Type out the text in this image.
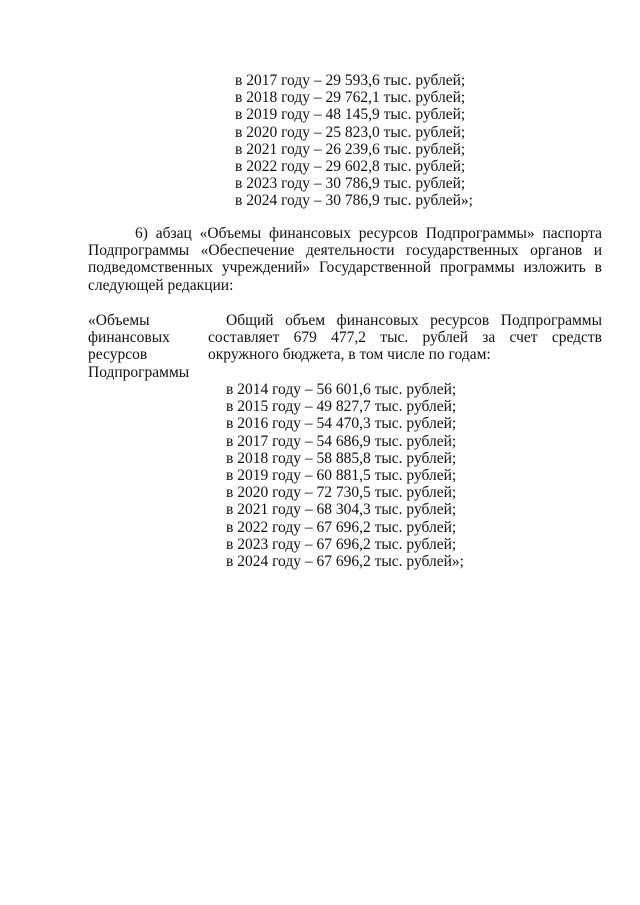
в 2017 году – 29 593,6 тыс. рублей;
в 2018 году – 29 762,1 тыс. рублей;
в 2019 году – 48 145,9 тыс. рублей;
в 2020 году – 25 823,0 тыс. рублей;
в 2021 году – 26 239,6 тыс. рублей;
в 2022 году – 29 602,8 тыс. рублей;
в 2023 году – 30 786,9 тыс. рублей;
в 2024 году – 30 786,9 тыс. рублей»;

6) абзац «Объемы финансовых ресурсов Подпрограммы» паспорта Подпрограммы «Обеспечение деятельности государственных органов и подведомственных учреждений» Государственной программы изложить в следующей редакции:

«Объемы
финансовых
ресурсов
Подпрограммы

Общий объем финансовых ресурсов Подпрограммы составляет 679 477,2 тыс. рублей за счет средств окружного бюджета, в том числе по годам:

в 2014 году – 56 601,6 тыс. рублей;
в 2015 году – 49 827,7 тыс. рублей;
в 2016 году – 54 470,3 тыс. рублей;
в 2017 году – 54 686,9 тыс. рублей;
в 2018 году – 58 885,8 тыс. рублей;
в 2019 году – 60 881,5 тыс. рублей;
в 2020 году – 72 730,5 тыс. рублей;
в 2021 году – 68 304,3 тыс. рублей;
в 2022 году – 67 696,2 тыс. рублей;
в 2023 году – 67 696,2 тыс. рублей;
в 2024 году – 67 696,2 тыс. рублей»;
